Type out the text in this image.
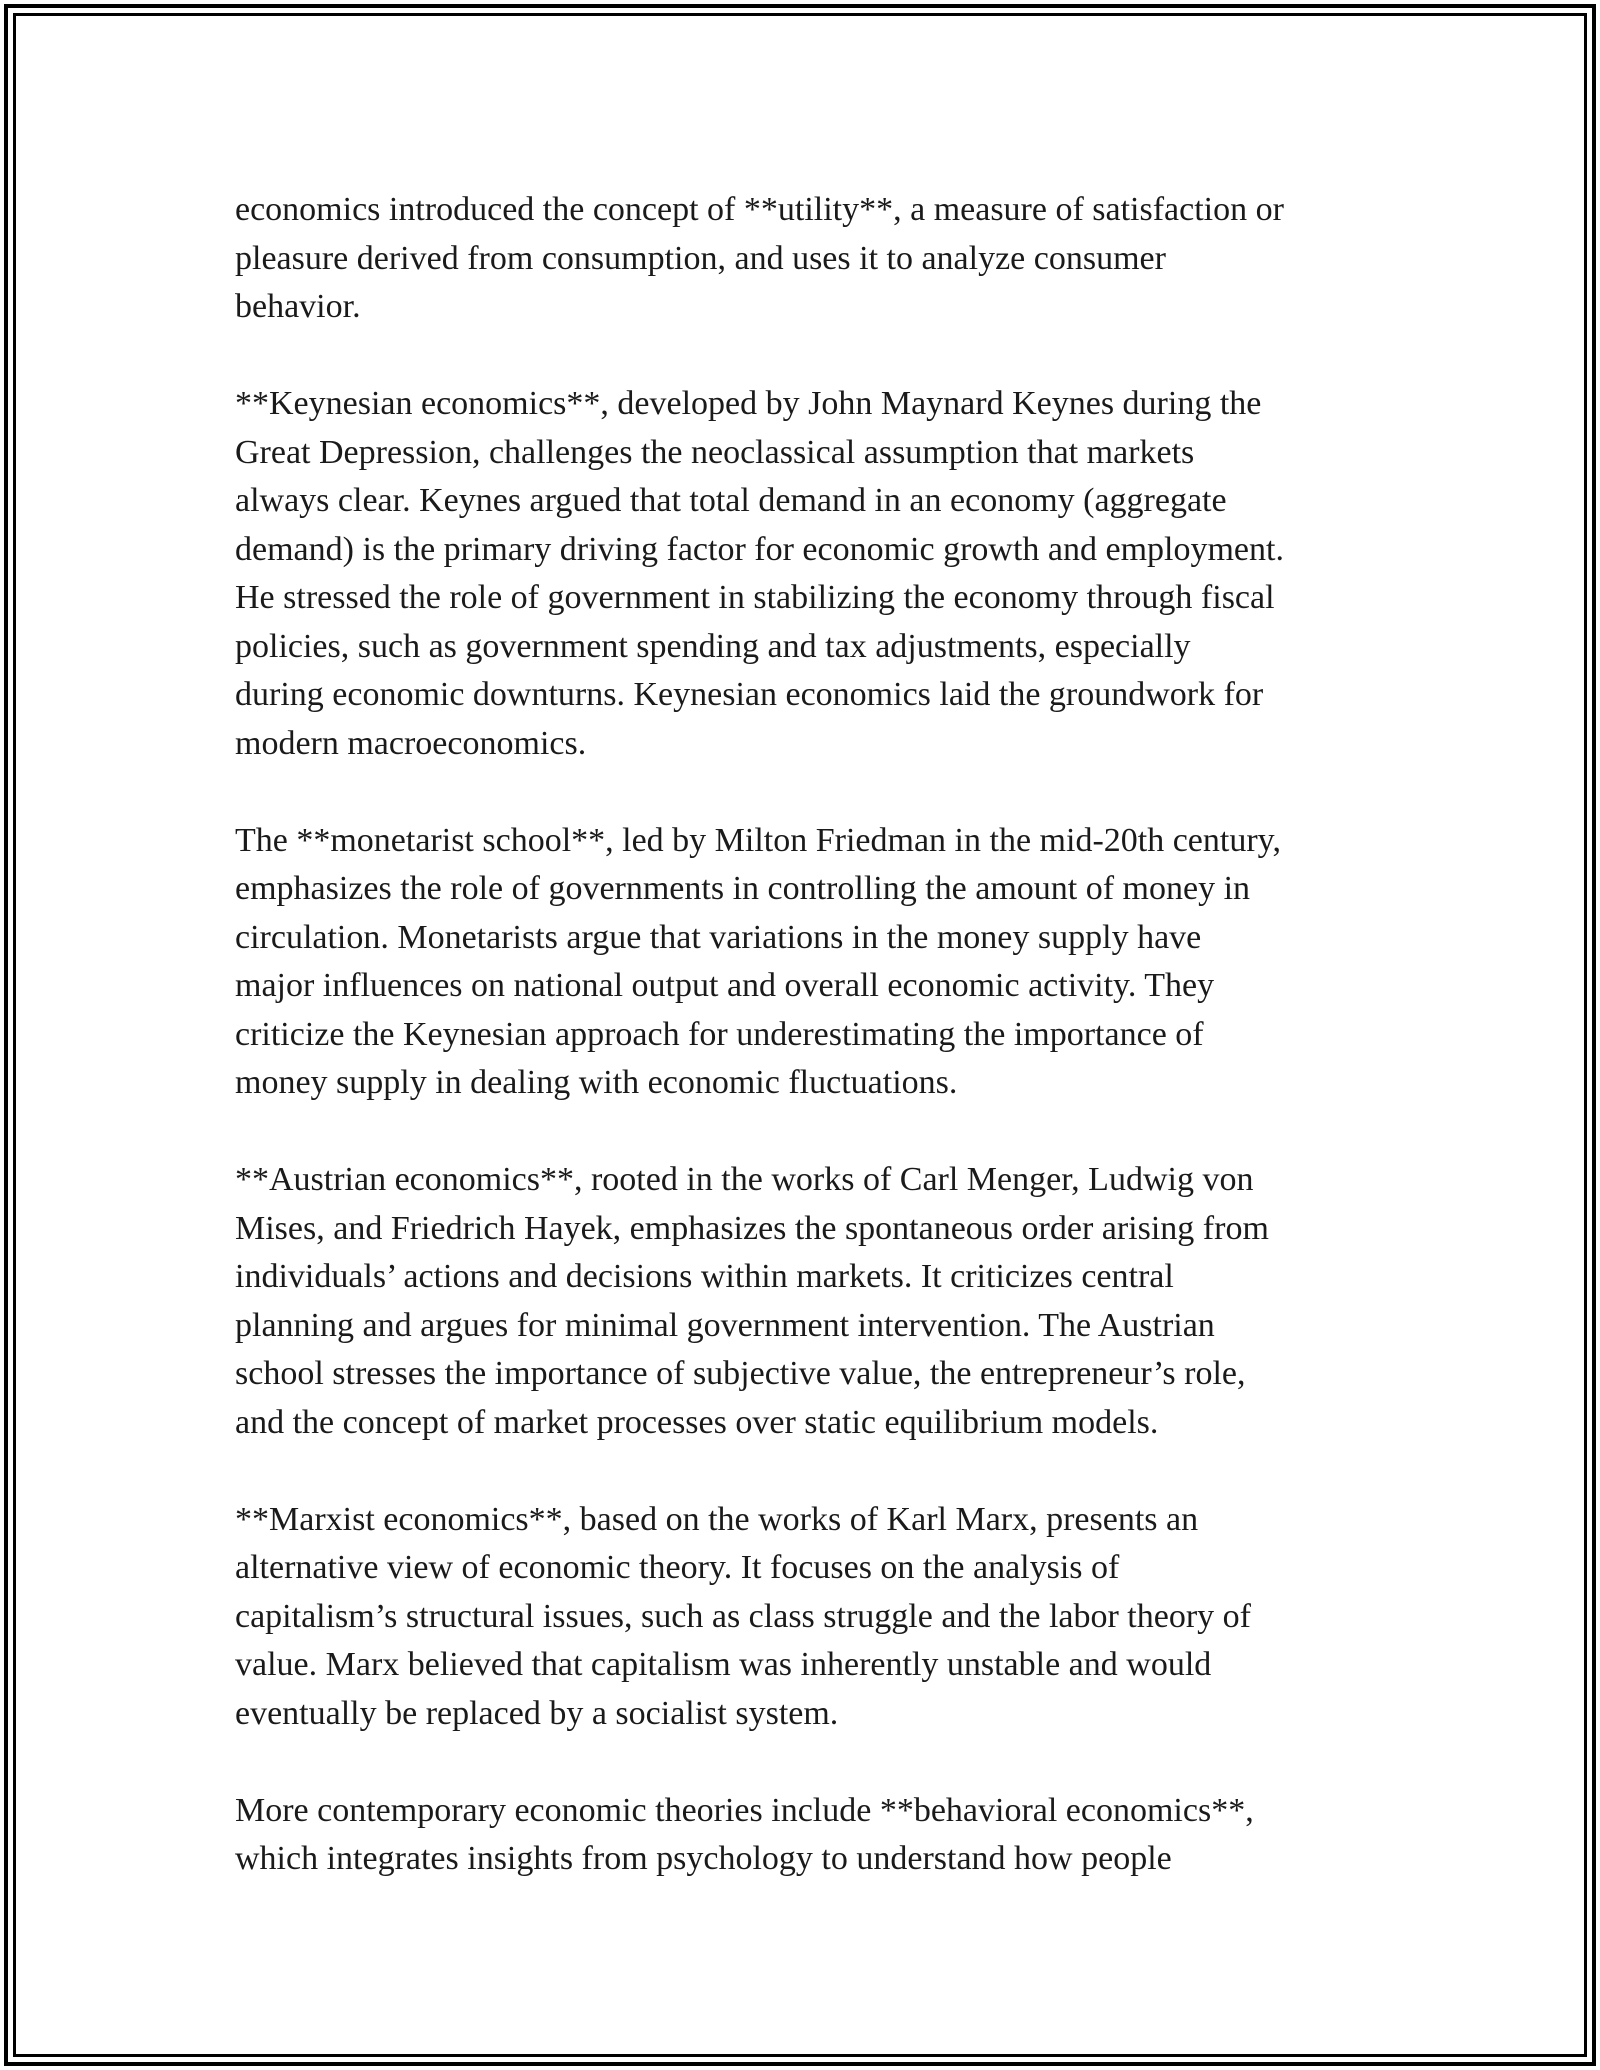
economics introduced the concept of **utility**, a measure of satisfaction or
pleasure derived from consumption, and uses it to analyze consumer
behavior.

**Keynesian economics**, developed by John Maynard Keynes during the
Great Depression, challenges the neoclassical assumption that markets
always clear. Keynes argued that total demand in an economy (aggregate
demand) is the primary driving factor for economic growth and employment.
He stressed the role of government in stabilizing the economy through fiscal
policies, such as government spending and tax adjustments, especially
during economic downturns. Keynesian economics laid the groundwork for
modern macroeconomics.

The **monetarist school**, led by Milton Friedman in the mid-20th century,
emphasizes the role of governments in controlling the amount of money in
circulation. Monetarists argue that variations in the money supply have
major influences on national output and overall economic activity. They
criticize the Keynesian approach for underestimating the importance of
money supply in dealing with economic fluctuations.

**Austrian economics**, rooted in the works of Carl Menger, Ludwig von
Mises, and Friedrich Hayek, emphasizes the spontaneous order arising from
individuals’ actions and decisions within markets. It criticizes central
planning and argues for minimal government intervention. The Austrian
school stresses the importance of subjective value, the entrepreneur’s role,
and the concept of market processes over static equilibrium models.

**Marxist economics**, based on the works of Karl Marx, presents an
alternative view of economic theory. It focuses on the analysis of
capitalism’s structural issues, such as class struggle and the labor theory of
value. Marx believed that capitalism was inherently unstable and would
eventually be replaced by a socialist system.

More contemporary economic theories include **behavioral economics**,
which integrates insights from psychology to understand how people
